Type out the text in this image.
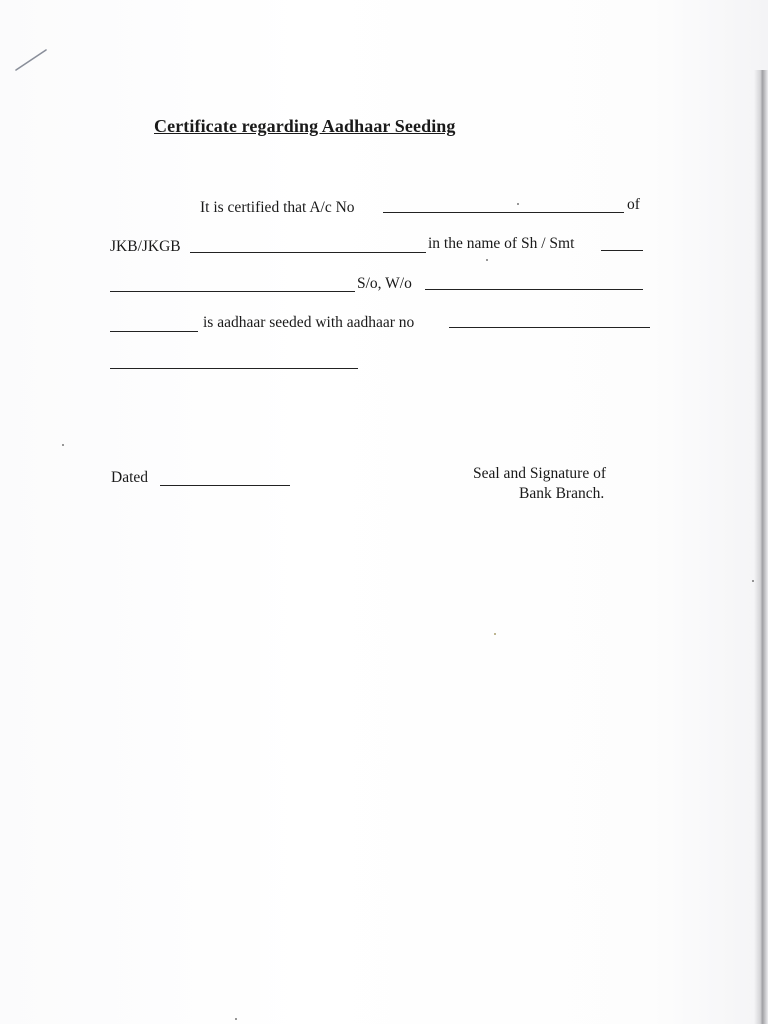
Certificate regarding Aadhaar Seeding
It is certified that A/c No	of
JKB/JKGB	in the name of Sh / Smt
S/o, W/o
is aadhaar seeded with aadhaar no
Dated	Seal and Signature of
Bank Branch.
